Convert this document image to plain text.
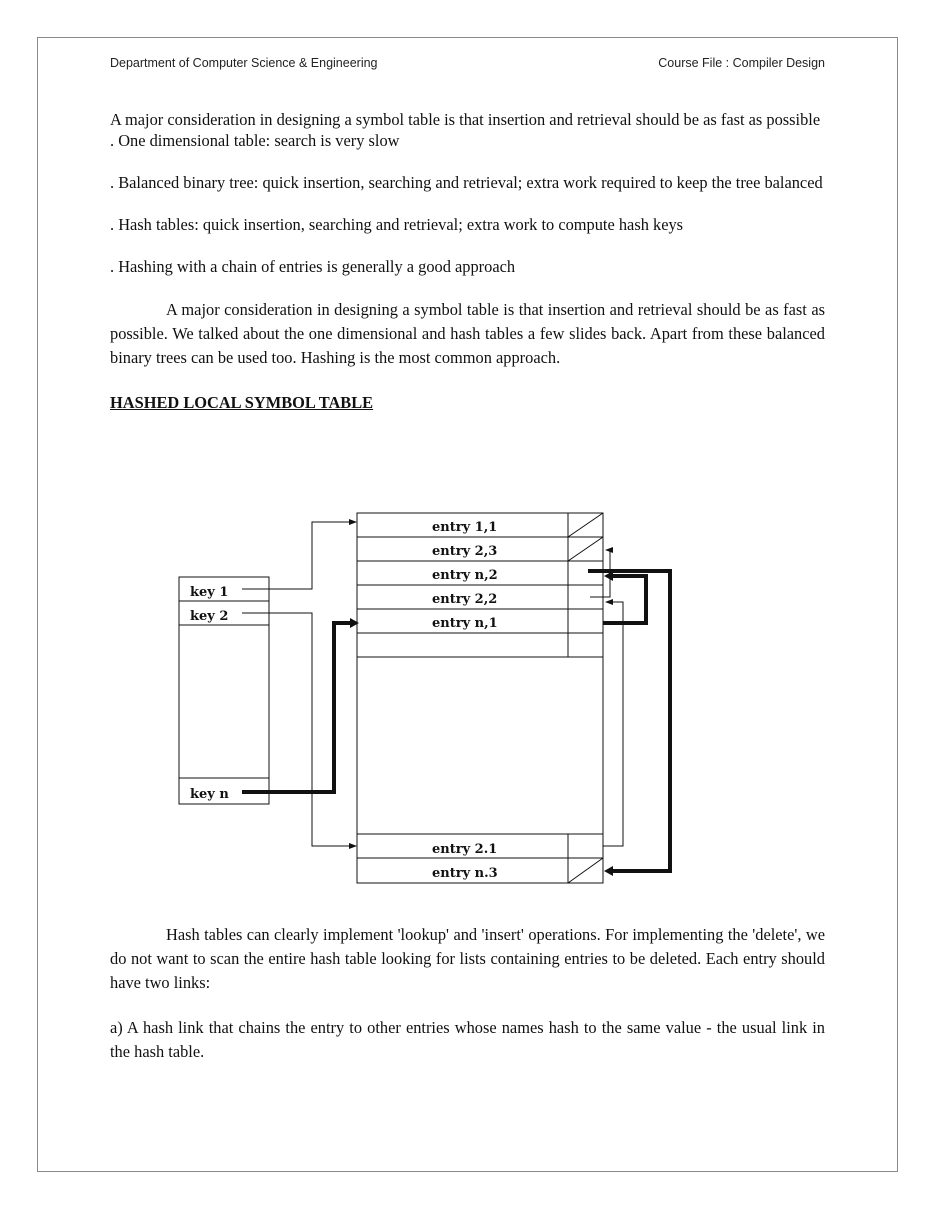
Department of Computer Science & Engineering	Course File : Compiler Design

A major consideration in designing a symbol table is that insertion and retrieval should be as fast as possible

. One dimensional table: search is very slow

. Balanced binary tree: quick insertion, searching and retrieval; extra work required to keep the tree balanced

. Hash tables: quick insertion, searching and retrieval; extra work to compute hash keys

. Hashing with a chain of entries is generally a good approach

A major consideration in designing a symbol table is that insertion and retrieval should be as fast as possible. We talked about the one dimensional and hash tables a few slides back. Apart from these balanced binary trees can be used too. Hashing is the most common approach.

HASHED LOCAL SYMBOL TABLE

key 1
key 2
key n
entry 1,1
entry 2,3
entry n,2
entry 2,2
entry n,1
entry 2.1
entry n.3

Hash tables can clearly implement 'lookup' and 'insert' operations. For implementing the 'delete', we do not want to scan the entire hash table looking for lists containing entries to be deleted. Each entry should have two links:

a) A hash link that chains the entry to other entries whose names hash to the same value - the usual link in the hash table.
